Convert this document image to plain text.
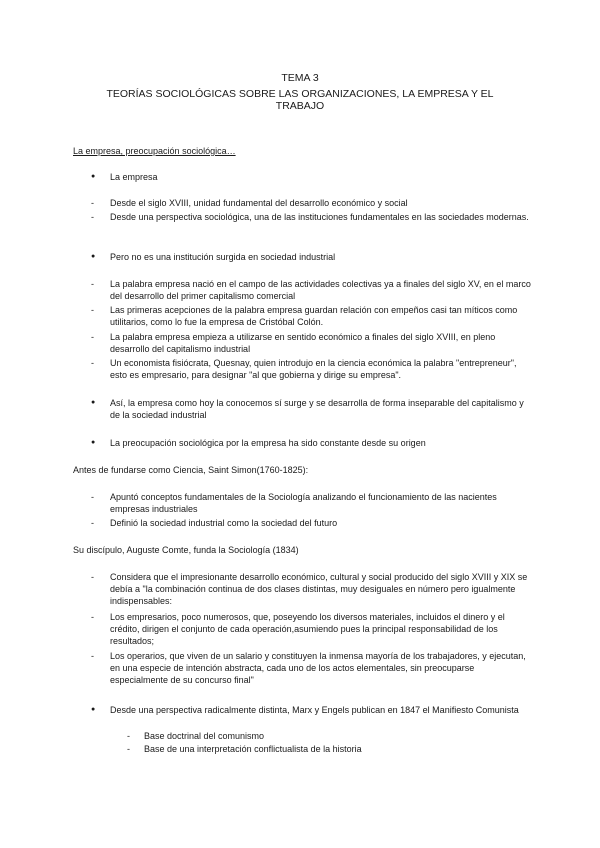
TEMA 3
TEORÍAS SOCIOLÓGICAS SOBRE LAS ORGANIZACIONES, LA EMPRESA Y EL
TRABAJO
La empresa, preocupación sociológica…
●	La empresa
-	Desde el siglo XVIII, unidad fundamental del desarrollo económico y social
-	Desde una perspectiva sociológica, una de las instituciones fundamentales en las sociedades modernas.
●	Pero no es una institución surgida en sociedad industrial
-	La palabra empresa nació en el campo de las actividades colectivas ya a finales del siglo XV, en el marco del desarrollo del primer capitalismo comercial
-	Las primeras acepciones de la palabra empresa guardan relación con empeños casi tan míticos como utilitarios, como lo fue la empresa de Cristóbal Colón.
-	La palabra empresa empieza a utilizarse en sentido económico a finales del siglo XVIII, en pleno desarrollo del capitalismo industrial
-	Un economista fisiócrata, Quesnay, quien introdujo en la ciencia económica la palabra "entrepreneur", esto es empresario, para designar "al que gobierna y dirige su empresa".
●	Así, la empresa como hoy la conocemos sí surge y se desarrolla de forma inseparable del capitalismo y de la sociedad industrial
●	La preocupación sociológica por la empresa ha sido constante desde su origen
Antes de fundarse como Ciencia, Saint Simon(1760-1825):
-	Apuntó conceptos fundamentales de la Sociología analizando el funcionamiento de las nacientes empresas industriales
-	Definió la sociedad industrial como la sociedad del futuro
Su discípulo, Auguste Comte, funda la Sociología (1834)
-	Considera que el impresionante desarrollo económico, cultural y social producido del siglo XVIII y XIX se debía a "la combinación continua de dos clases distintas, muy desiguales en número pero igualmente indispensables:
-	Los empresarios, poco numerosos, que, poseyendo los diversos materiales, incluidos el dinero y el crédito, dirigen el conjunto de cada operación,asumiendo pues la principal responsabilidad de los resultados;
-	Los operarios, que viven de un salario y constituyen la inmensa mayoría de los trabajadores, y ejecutan, en una especie de intención abstracta, cada uno de los actos elementales, sin preocuparse especialmente de su concurso final"
●	Desde una perspectiva radicalmente distinta, Marx y Engels publican en 1847 el Manifiesto Comunista
-	Base doctrinal del comunismo
-	Base de una interpretación conflictualista de la historia
